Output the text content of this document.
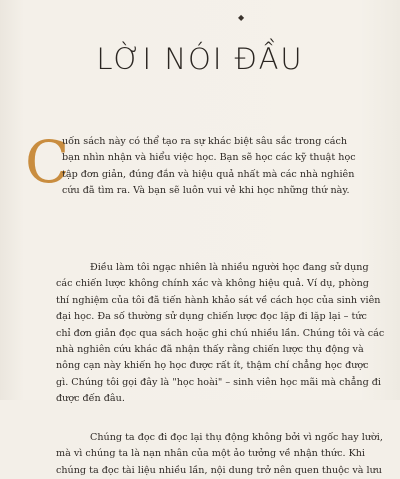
◆
LỜI NÓI ĐẦU
C
uốn sách này có thể tạo ra sự khác biệt sâu sắc trong cách
bạn nhìn nhận và hiểu việc học. Bạn sẽ học các kỹ thuật học
tập đơn giản, đúng đắn và hiệu quả nhất mà các nhà nghiên
cứu đã tìm ra. Và bạn sẽ luôn vui vẻ khi học những thứ này.
Điều làm tôi ngạc nhiên là nhiều người học đang sử dụng
các chiến lược không chính xác và không hiệu quả. Ví dụ, phòng
thí nghiệm của tôi đã tiến hành khảo sát về cách học của sinh viên
đại học. Đa số thường sử dụng chiến lược đọc lặp đi lặp lại – tức
chỉ đơn giản đọc qua sách hoặc ghi chú nhiều lần. Chúng tôi và các
nhà nghiên cứu khác đã nhận thấy rằng chiến lược thụ động và
nông cạn này khiến họ học được rất ít, thậm chí chẳng học được
gì. Chúng tôi gọi đây là "học hoài" – sinh viên học mãi mà chẳng đi
được đến đâu.
Chúng ta đọc đi đọc lại thụ động không bởi vì ngốc hay lười,
mà vì chúng ta là nạn nhân của một ảo tưởng về nhận thức. Khi
chúng ta đọc tài liệu nhiều lần, nội dung trở nên quen thuộc và lưu
